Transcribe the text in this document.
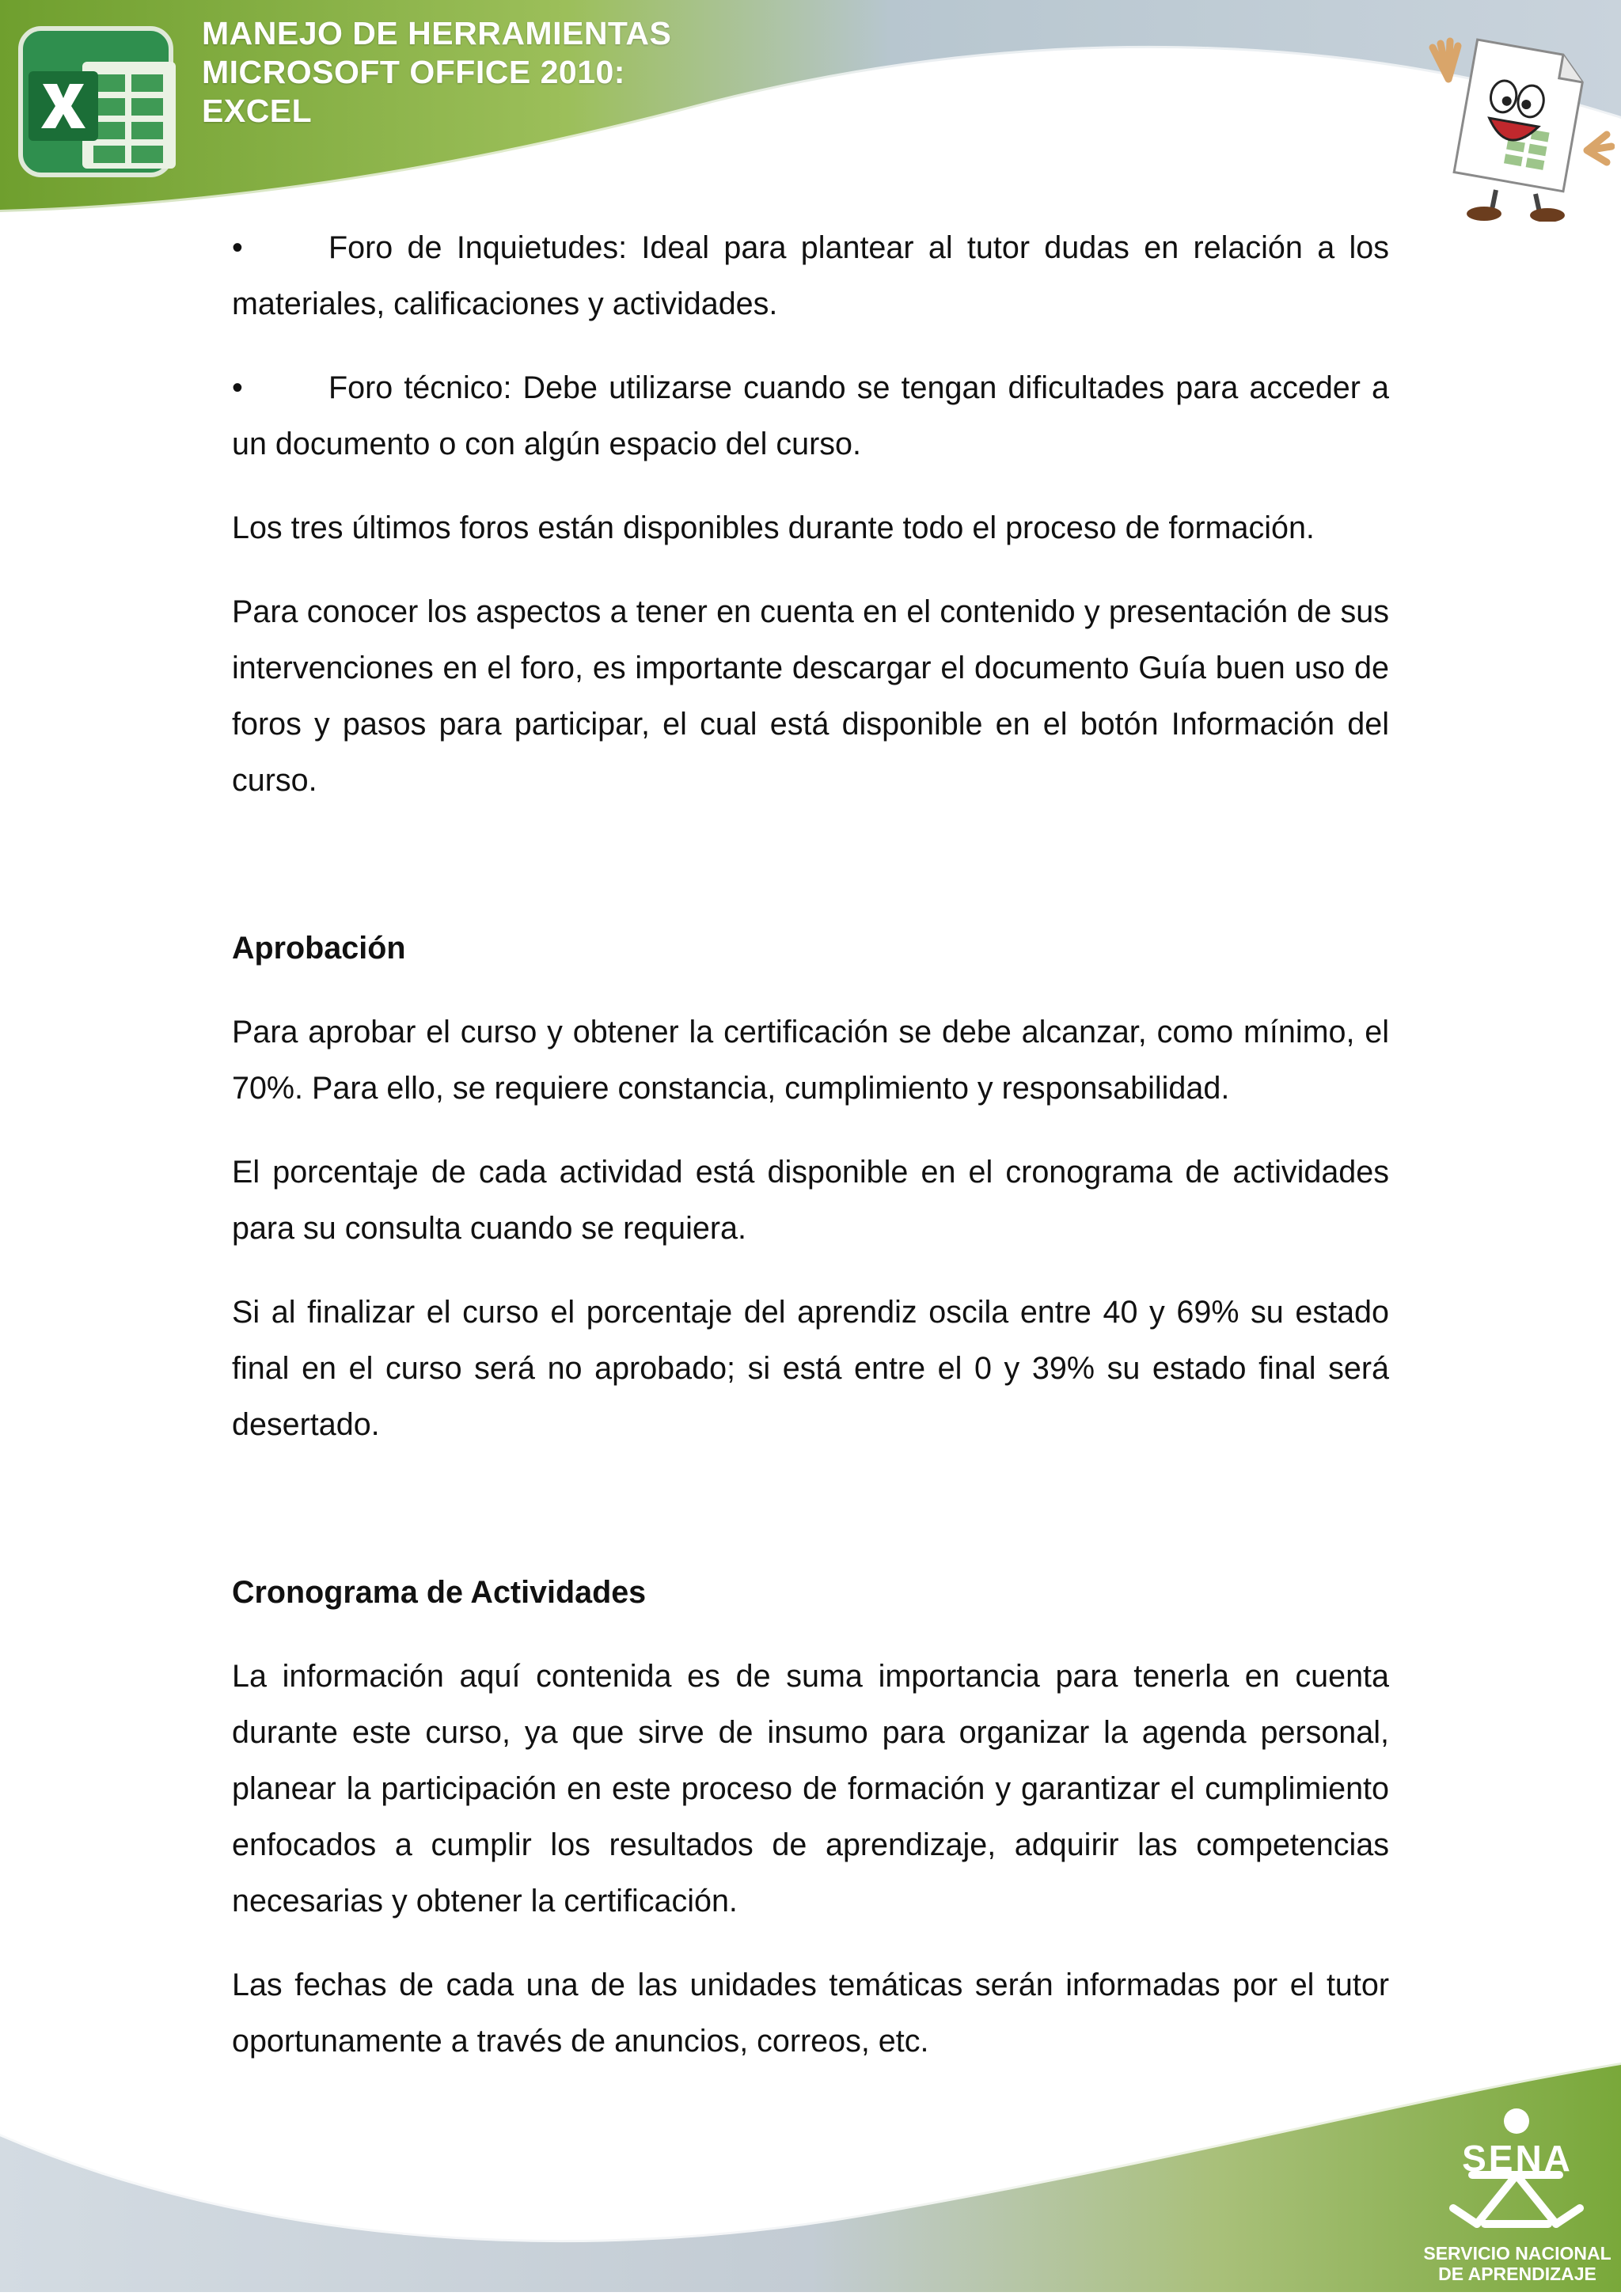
MANEJO DE HERRAMIENTAS
MICROSOFT OFFICE 2010:
EXCEL

•	Foro de Inquietudes: Ideal para plantear al tutor dudas en relación a los materiales, calificaciones y actividades.

•	Foro técnico: Debe utilizarse cuando se tengan dificultades para acceder a un documento o con algún espacio del curso.

Los tres últimos foros están disponibles durante todo el proceso de formación.

Para conocer los aspectos a tener en cuenta en el contenido y presentación de sus intervenciones en el foro, es importante descargar el documento Guía buen uso de foros y pasos para participar, el cual está disponible en el botón Información del curso.

Aprobación

Para aprobar el curso y obtener la certificación se debe alcanzar, como mínimo, el 70%. Para ello, se requiere constancia, cumplimiento y responsabilidad.

El porcentaje de cada actividad está disponible en el cronograma de actividades para su consulta cuando se requiera.

Si al finalizar el curso el porcentaje del aprendiz oscila entre 40 y 69% su estado final en el curso será no aprobado; si está entre el 0 y 39% su estado final será desertado.

Cronograma de Actividades

La información aquí contenida es de suma importancia para tenerla en cuenta durante este curso, ya que sirve de insumo para organizar la agenda personal, planear la participación en este proceso de formación y garantizar el cumplimiento enfocados a cumplir los resultados de aprendizaje, adquirir las competencias necesarias y obtener la certificación.

Las fechas de cada una de las unidades temáticas serán informadas por el tutor oportunamente a través de anuncios, correos, etc.

SENA
SERVICIO NACIONAL
DE APRENDIZAJE
